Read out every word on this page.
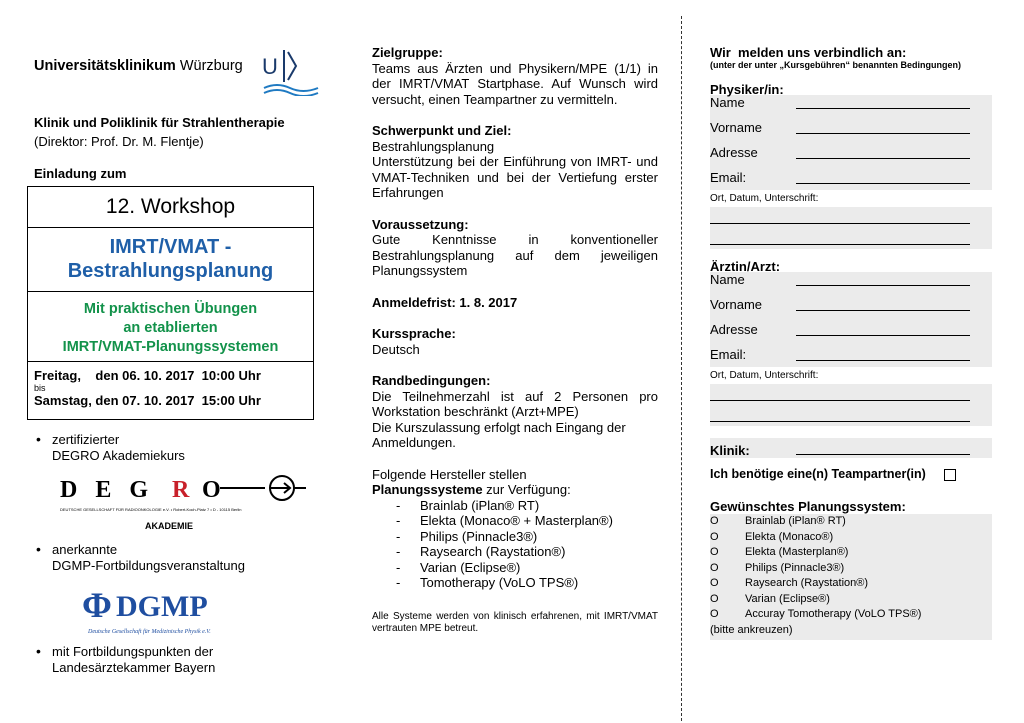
Universitätsklinikum Würzburg U
Klinik und Poliklinik für Strahlentherapie
(Direktor: Prof. Dr. M. Flentje)
Einladung zum
12. Workshop
IMRT/VMAT -
Bestrahlungsplanung
Mit praktischen Übungen
an etablierten
IMRT/VMAT-Planungssystemen
Freitag,    den 06. 10. 2017  10:00 Uhr
bis
Samstag, den 07. 10. 2017  15:00 Uhr
• zertifizierter
DEGRO Akademiekurs
DEG R O
DEUTSCHE GESELLSCHAFT FÜR RADIOONKOLOGIE e.V. • Robert-Koch-Platz 7 • D - 10115 Berlin
AKADEMIE
• anerkannte
DGMP-Fortbildungsveranstaltung
Φ DGMP
Deutsche Gesellschaft für Medizinische Physik e.V.
• mit Fortbildungspunkten der
Landesärztekammer Bayern
Zielgruppe:
Teams aus Ärzten und Physikern/MPE (1/1) in der IMRT/VMAT Startphase. Auf Wunsch wird versucht, einen Teampartner zu vermitteln.
Schwerpunkt und Ziel:
Bestrahlungsplanung
Unterstützung bei der Einführung von IMRT- und VMAT-Techniken und bei der Vertiefung erster Erfahrungen
Voraussetzung:
Gute Kenntnisse in konventioneller Bestrahlungsplanung auf dem jeweiligen Planungssystem
Anmeldefrist: 1. 8. 2017
Kurssprache:
Deutsch
Randbedingungen:
Die Teilnehmerzahl ist auf 2 Personen pro Workstation beschränkt (Arzt+MPE)
Die Kurszulassung erfolgt nach Eingang der Anmeldungen.
Folgende Hersteller stellen
Planungssysteme zur Verfügung:
- Brainlab (iPlan® RT)
- Elekta (Monaco® + Masterplan®)
- Philips (Pinnacle3®)
- Raysearch (Raystation®)
- Varian (Eclipse®)
- Tomotherapy (VoLO TPS®)
Alle Systeme werden von klinisch erfahrenen, mit IMRT/VMAT vertrauten MPE betreut.
Wir  melden uns verbindlich an:
(unter der unter „Kursgebühren“ benannten Bedingungen)
Physiker/in:
Name
Vorname
Adresse
Email:
Ort, Datum, Unterschrift:
Ärztin/Arzt:
Name
Vorname
Adresse
Email:
Ort, Datum, Unterschrift:
Klinik:
Ich benötige eine(n) Teampartner(in)
Gewünschtes Planungssystem:
O	Brainlab (iPlan® RT)
O	Elekta (Monaco®)
O	Elekta (Masterplan®)
O	Philips (Pinnacle3®)
O	Raysearch (Raystation®)
O	Varian (Eclipse®)
O	Accuray Tomotherapy (VoLO TPS®)
(bitte ankreuzen)
